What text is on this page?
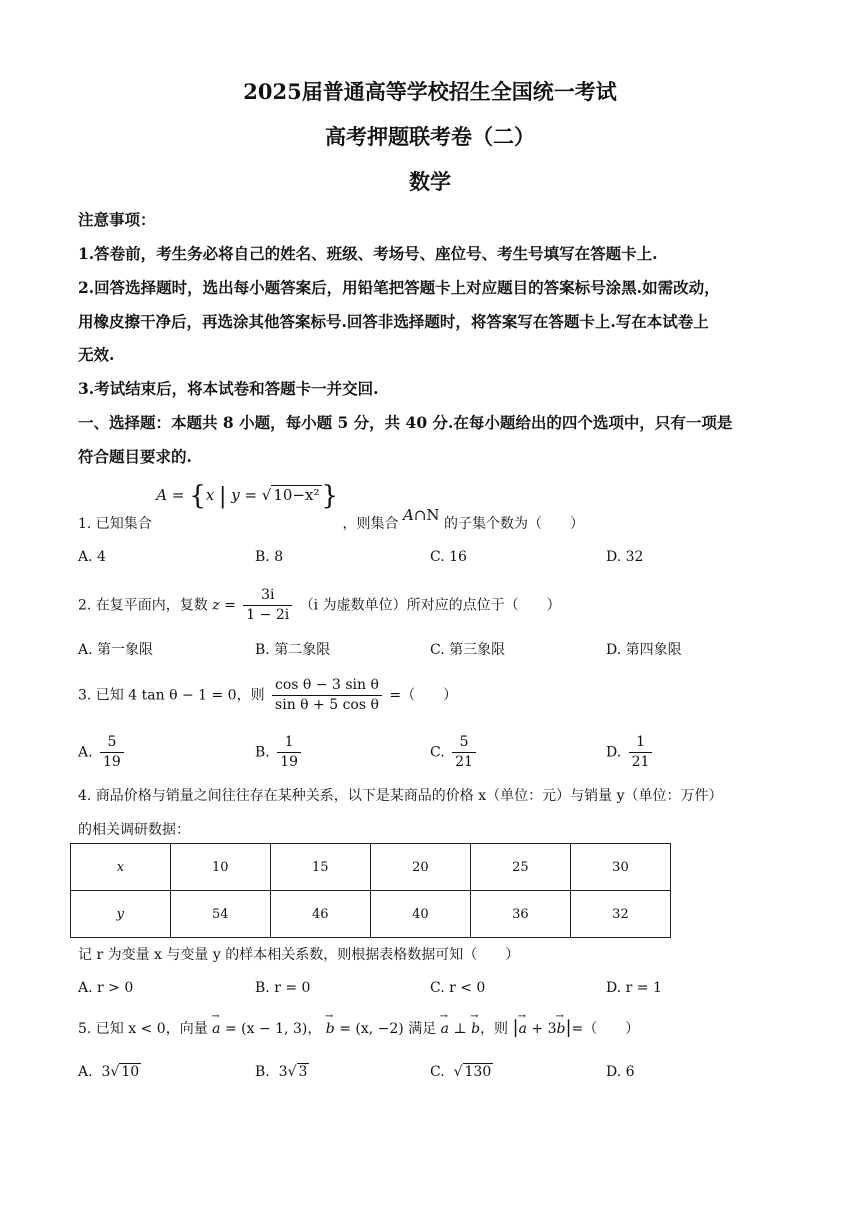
2025届普通高等学校招生全国统一考试
高考押题联考卷（二）
数学
注意事项：
1.答卷前，考生务必将自己的姓名、班级、考场号、座位号、考生号填写在答题卡上.
2.回答选择题时，选出每小题答案后，用铅笔把答题卡上对应题目的答案标号涂黑.如需改动，
用橡皮擦干净后，再选涂其他答案标号.回答非选择题时，将答案写在答题卡上.写在本试卷上
无效.
3.考试结束后，将本试卷和答题卡一并交回.
一、选择题：本题共 8 小题，每小题 5 分，共 40 分.在每小题给出的四个选项中，只有一项是
符合题目要求的.
1. 已知集合 A = {x | y = √ 10−x²} ，则集合 A∩N 的子集个数为（　　）
A. 4	B. 8	C. 16	D. 32
2. 在复平面内，复数 $z = \frac{3i}{1 - 2i} (i$ 为虚数单位）所对应的点位于（　　）
A. 第一象限	B. 第二象限	C. 第三象限	D. 第四象限
3. 已知 4 tan θ − 1 = 0，则 $\frac{\text{cos θ − 3 sin θ}}{\text{sin θ + 5 cos θ}}$ =（　　）
A. $\frac{5}{19}$	B. $\frac{1}{19}$	C. $\frac{5}{21}$	D. $\frac{1}{21}$
4. 商品价格与销量之间往往存在某种关系，以下是某商品的价格 x（单位：元）与销量 y（单位：万件）
的相关调研数据：
x	10	15	20	25	30
y	54	46	40	36	32
记 r 为变量 x 与变量 y 的样本相关系数，则根据表格数据可知（　　）
A. r > 0	B. r = 0	C. r < 0	D. r = 1
5. 已知 x < 0，向量 → a = (x − 1, 3)， → b = (x, −2) 满足 → a ⊥ → b，则 |→ a + 3→ b|=（　　）
A. 3√ 10	B. 3√ 3	C.  √ 130	D. 6
